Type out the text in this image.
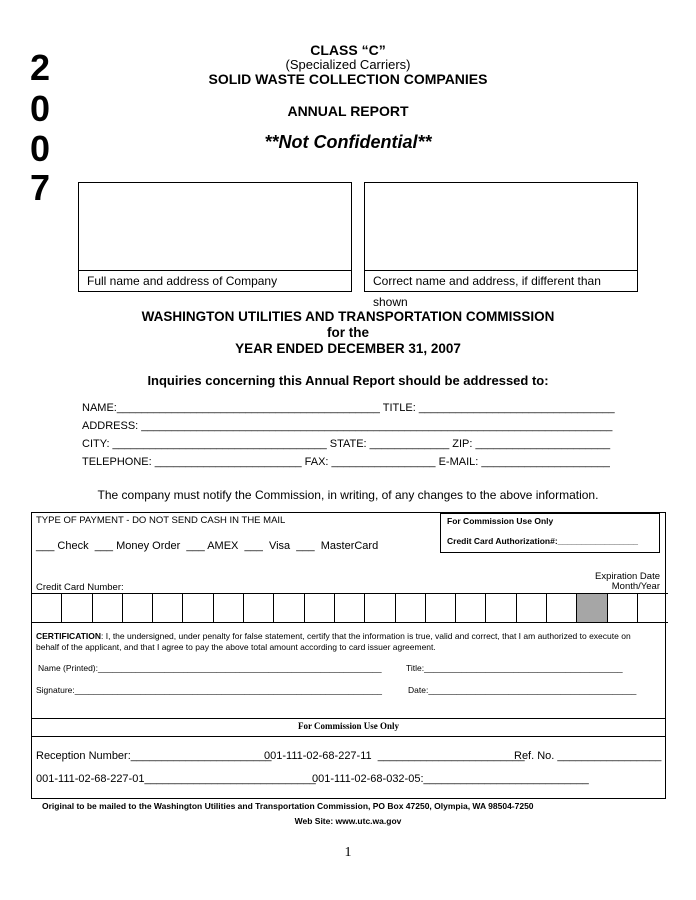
2
0
0
7
CLASS “C”
(Specialized Carriers)
SOLID WASTE COLLECTION COMPANIES
ANNUAL REPORT
**Not Confidential**
Full name and address of Company	Correct name and address, if different than shown
WASHINGTON UTILITIES AND TRANSPORTATION COMMISSION
for the
YEAR ENDED DECEMBER 31, 2007
Inquiries concerning this Annual Report should be addressed to:
NAME:___________________________________________ TITLE: ________________________________
ADDRESS: _____________________________________________________________________________
CITY: ___________________________________ STATE: _____________ ZIP: ______________________
TELEPHONE: ________________________ FAX: _________________ E-MAIL: _____________________
The company must notify the Commission, in writing, of any changes to the above information.
TYPE OF PAYMENT - DO NOT SEND CASH IN THE MAIL
___ Check  ___ Money Order  ___ AMEX  ___  Visa  ___  MasterCard
For Commission Use Only
Credit Card Authorization#:_________________
Credit Card Number:
Expiration Date
Month/Year
CERTIFICATION: I, the undersigned, under penalty for false statement, certify that the information is true, valid and correct, that I am authorized to execute on behalf of the applicant, and that I agree to pay the above total amount according to card issuer agreement.
Name (Printed):____________________________________________________________	Title:__________________________________________
Signature:_________________________________________________________________	Date:____________________________________________
For Commission Use Only
Reception Number:_______________________
001-111-02-68-227-11  ________________________
Ref. No. _________________
001-111-02-68-227-01____________________________
001-111-02-68-032-05:___________________________
Original to be mailed to the Washington Utilities and Transportation Commission, PO Box 47250, Olympia, WA 98504-7250
Web Site: www.utc.wa.gov
1
